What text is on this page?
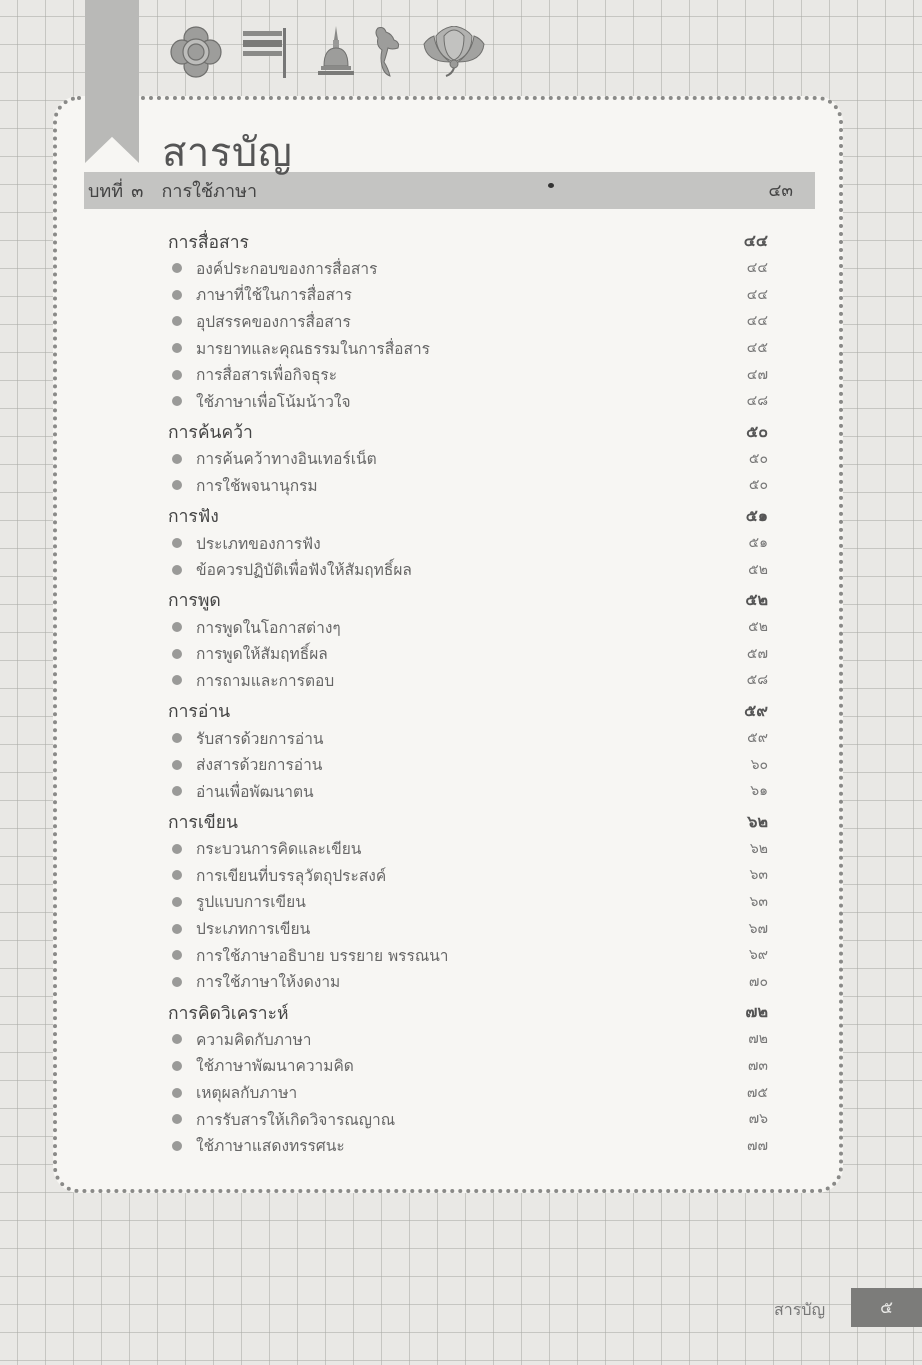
สารบัญ
บทที่ ๓ การใช้ภาษา	๔๓
การสื่อสาร	๔๔
องค์ประกอบของการสื่อสาร	๔๔
ภาษาที่ใช้ในการสื่อสาร	๔๔
อุปสรรคของการสื่อสาร	๔๔
มารยาทและคุณธรรมในการสื่อสาร	๔๕
การสื่อสารเพื่อกิจธุระ	๔๗
ใช้ภาษาเพื่อโน้มน้าวใจ	๔๘
การค้นคว้า	๕๐
การค้นคว้าทางอินเทอร์เน็ต	๕๐
การใช้พจนานุกรม	๕๐
การฟัง	๕๑
ประเภทของการฟัง	๕๑
ข้อควรปฏิบัติเพื่อฟังให้สัมฤทธิ์ผล	๕๒
การพูด	๕๒
การพูดในโอกาสต่างๆ	๕๒
การพูดให้สัมฤทธิ์ผล	๕๗
การถามและการตอบ	๕๘
การอ่าน	๕๙
รับสารด้วยการอ่าน	๕๙
ส่งสารด้วยการอ่าน	๖๐
อ่านเพื่อพัฒนาตน	๖๑
การเขียน	๖๒
กระบวนการคิดและเขียน	๖๒
การเขียนที่บรรลุวัตถุประสงค์	๖๓
รูปแบบการเขียน	๖๓
ประเภทการเขียน	๖๗
การใช้ภาษาอธิบาย บรรยาย พรรณนา	๖๙
การใช้ภาษาให้งดงาม	๗๐
การคิดวิเคราะห์	๗๒
ความคิดกับภาษา	๗๒
ใช้ภาษาพัฒนาความคิด	๗๓
เหตุผลกับภาษา	๗๕
การรับสารให้เกิดวิจารณญาณ	๗๖
ใช้ภาษาแสดงทรรศนะ	๗๗
สารบัญ	๕
